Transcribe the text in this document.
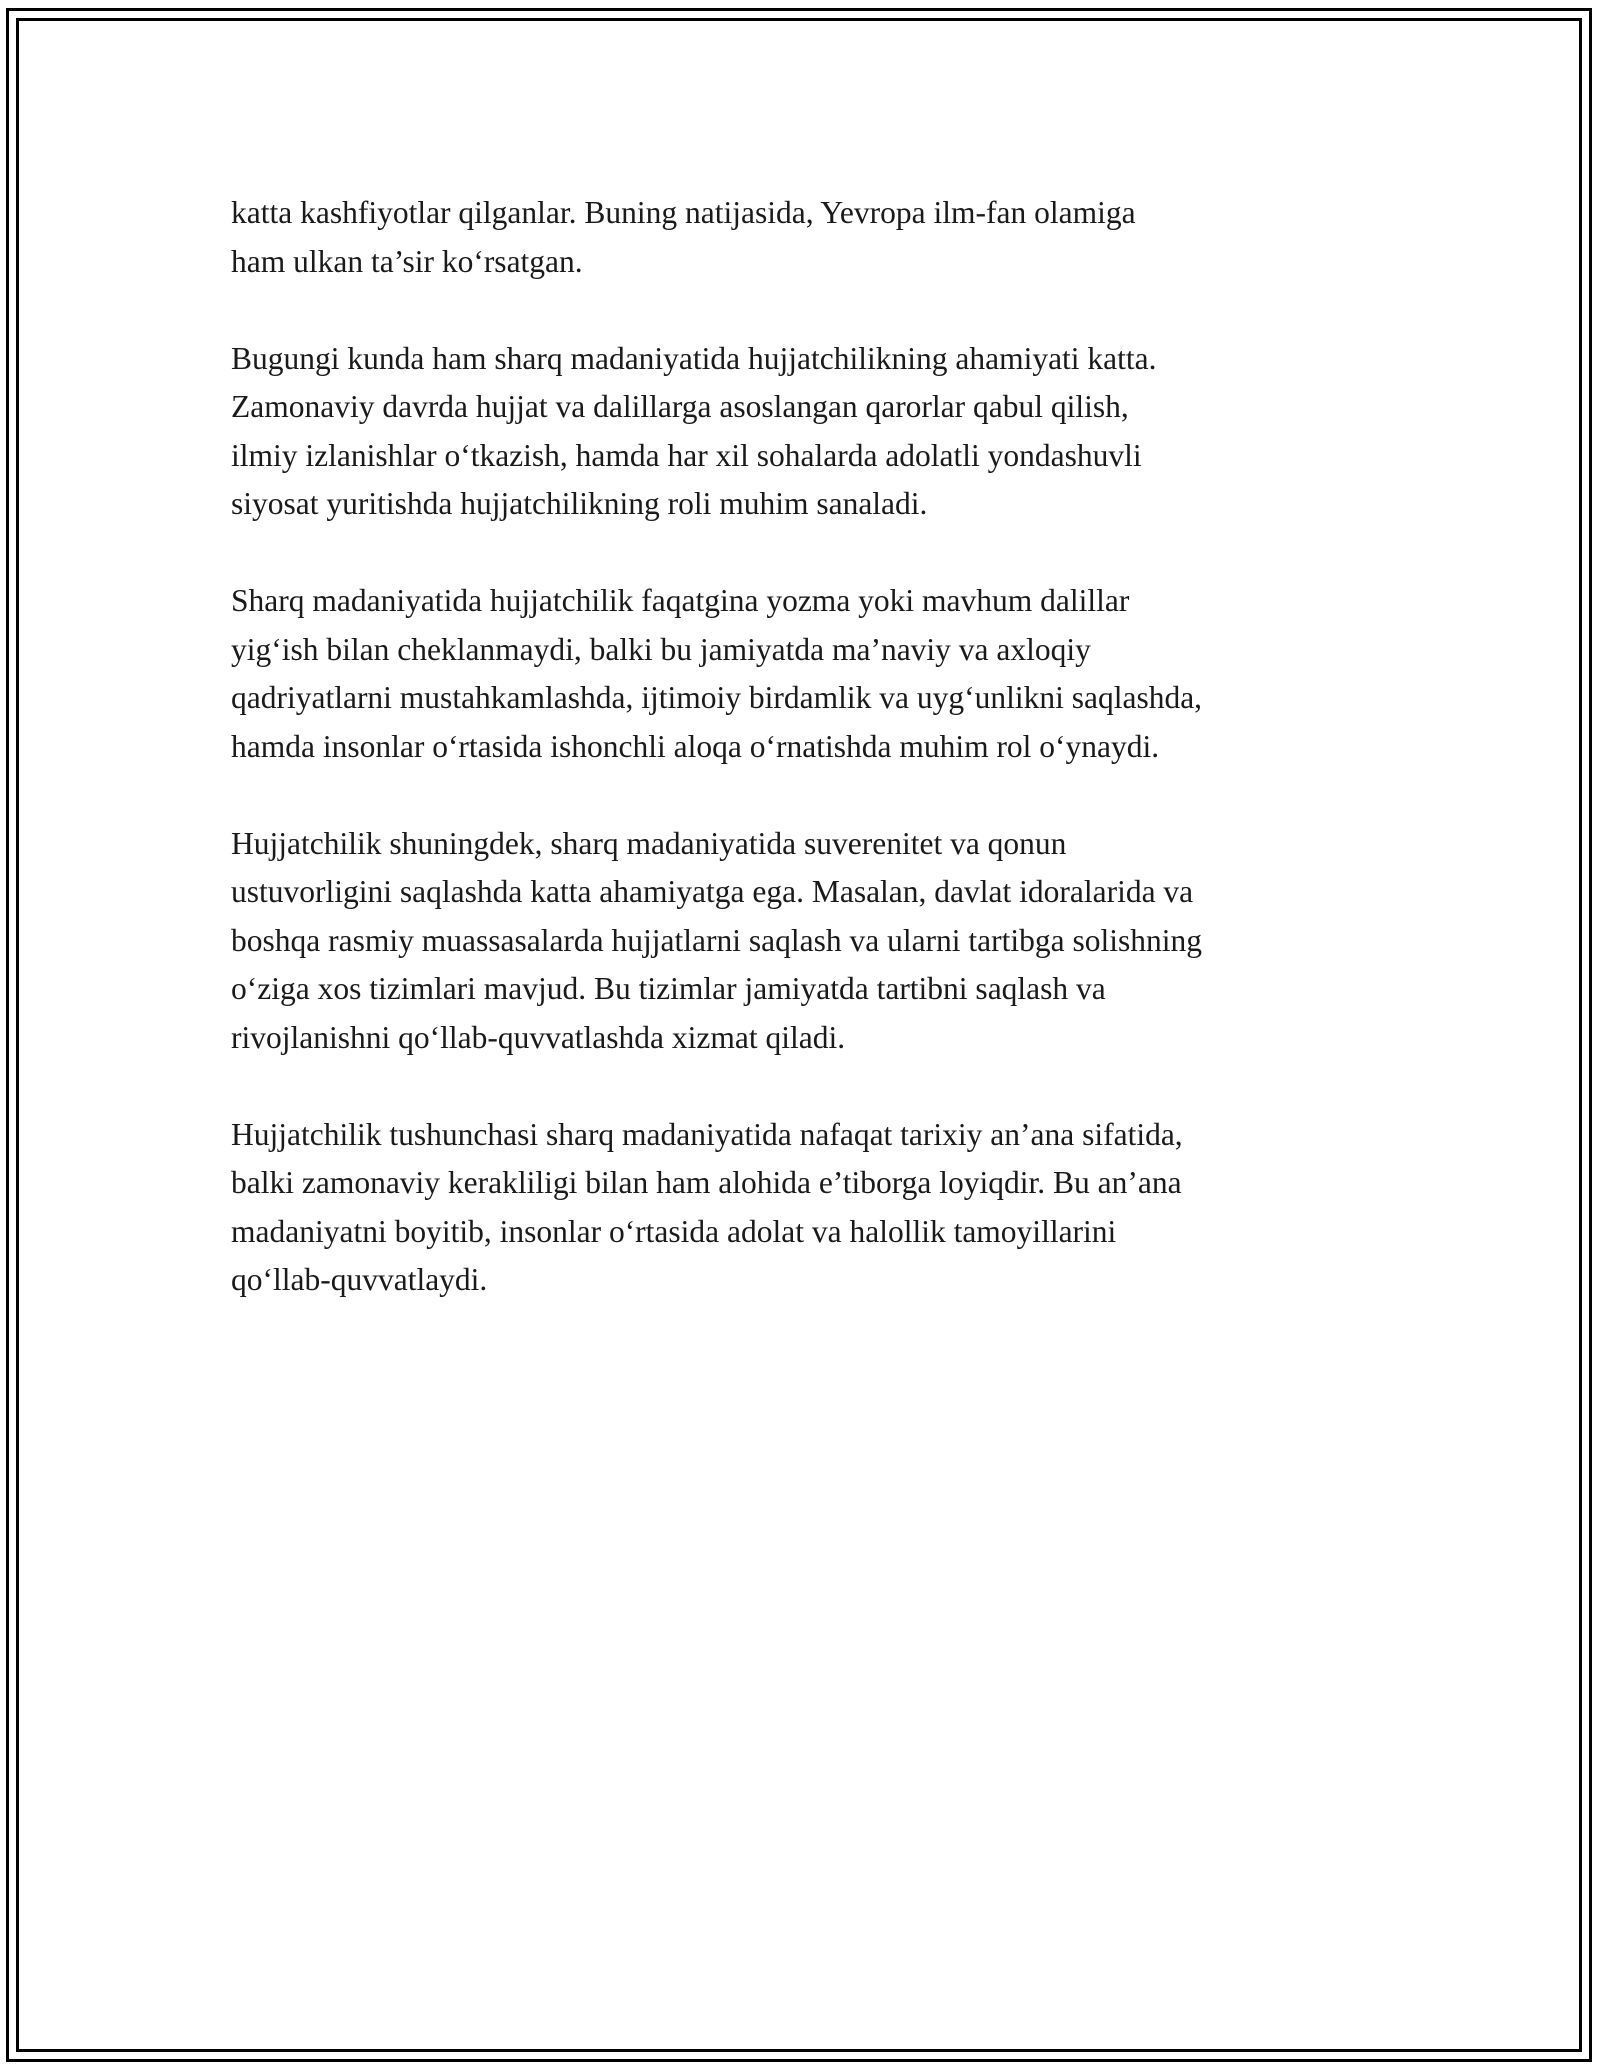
katta kashfiyotlar qilganlar. Buning natijasida, Yevropa ilm-fan olamiga
ham ulkan ta’sir ko‘rsatgan.

Bugungi kunda ham sharq madaniyatida hujjatchilikning ahamiyati katta.
Zamonaviy davrda hujjat va dalillarga asoslangan qarorlar qabul qilish,
ilmiy izlanishlar o‘tkazish, hamda har xil sohalarda adolatli yondashuvli
siyosat yuritishda hujjatchilikning roli muhim sanaladi.

Sharq madaniyatida hujjatchilik faqatgina yozma yoki mavhum dalillar
yig‘ish bilan cheklanmaydi, balki bu jamiyatda ma’naviy va axloqiy
qadriyatlarni mustahkamlashda, ijtimoiy birdamlik va uyg‘unlikni saqlashda,
hamda insonlar o‘rtasida ishonchli aloqa o‘rnatishda muhim rol o‘ynaydi.

Hujjatchilik shuningdek, sharq madaniyatida suverenitet va qonun
ustuvorligini saqlashda katta ahamiyatga ega. Masalan, davlat idoralarida va
boshqa rasmiy muassasalarda hujjatlarni saqlash va ularni tartibga solishning
o‘ziga xos tizimlari mavjud. Bu tizimlar jamiyatda tartibni saqlash va
rivojlanishni qo‘llab-quvvatlashda xizmat qiladi.

Hujjatchilik tushunchasi sharq madaniyatida nafaqat tarixiy an’ana sifatida,
balki zamonaviy kerakliligi bilan ham alohida e’tiborga loyiqdir. Bu an’ana
madaniyatni boyitib, insonlar o‘rtasida adolat va halollik tamoyillarini
qo‘llab-quvvatlaydi.
